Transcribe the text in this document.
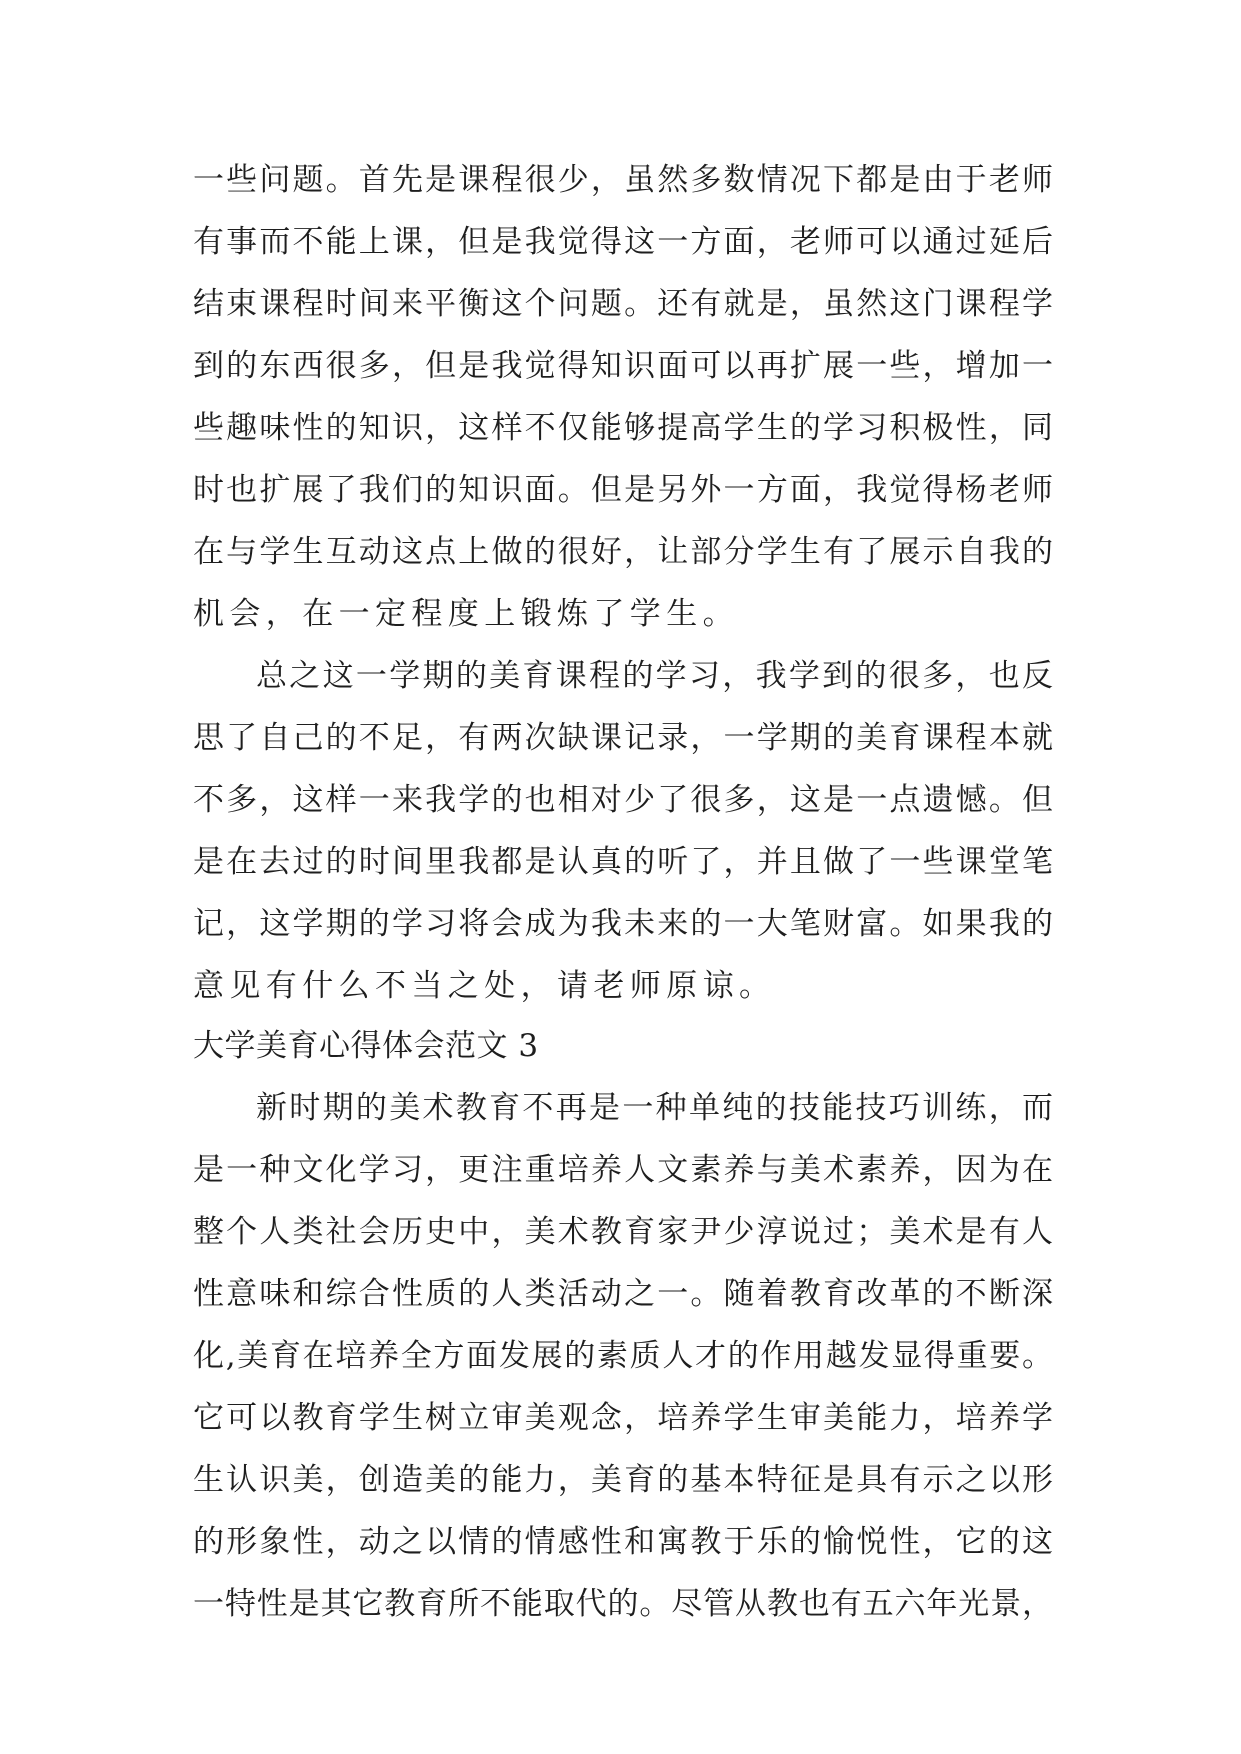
一些问题。首先是课程很少，虽然多数情况下都是由于老师
有事而不能上课，但是我觉得这一方面，老师可以通过延后
结束课程时间来平衡这个问题。还有就是，虽然这门课程学
到的东西很多，但是我觉得知识面可以再扩展一些，增加一
些趣味性的知识，这样不仅能够提高学生的学习积极性，同
时也扩展了我们的知识面。但是另外一方面，我觉得杨老师
在与学生互动这点上做的很好，让部分学生有了展示自我的
机会，在一定程度上锻炼了学生。
总之这一学期的美育课程的学习，我学到的很多，也反
思了自己的不足，有两次缺课记录，一学期的美育课程本就
不多，这样一来我学的也相对少了很多，这是一点遗憾。但
是在去过的时间里我都是认真的听了，并且做了一些课堂笔
记，这学期的学习将会成为我未来的一大笔财富。如果我的
意见有什么不当之处，请老师原谅。
大学美育心得体会范文 3
新时期的美术教育不再是一种单纯的技能技巧训练，而
是一种文化学习，更注重培养人文素养与美术素养，因为在
整个人类社会历史中，美术教育家尹少淳说过；美术是有人
性意味和综合性质的人类活动之一。随着教育改革的不断深
化,美育在培养全方面发展的素质人才的作用越发显得重要。
它可以教育学生树立审美观念，培养学生审美能力，培养学
生认识美，创造美的能力，美育的基本特征是具有示之以形
的形象性，动之以情的情感性和寓教于乐的愉悦性，它的这
一特性是其它教育所不能取代的。尽管从教也有五六年光景，
